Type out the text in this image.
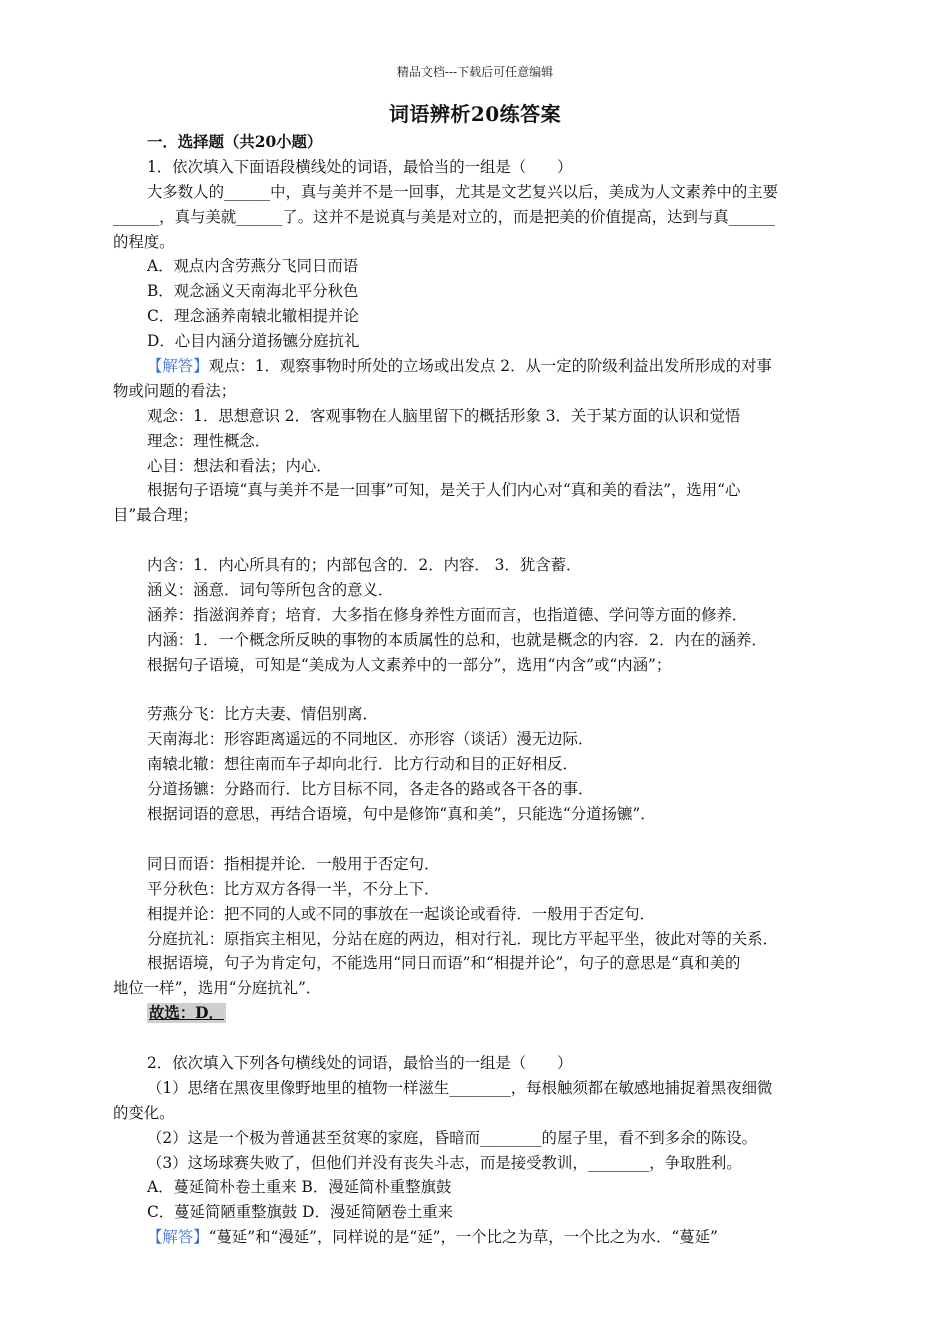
精品文档---下载后可任意编辑
词语辨析20练答案
一．选择题（共20小题）
1．依次填入下面语段横线处的词语，最恰当的一组是（　　）
大多数人的______中，真与美并不是一回事，尤其是文艺复兴以后，美成为人文素养中的主要
______，真与美就______了。这并不是说真与美是对立的，而是把美的价值提高，达到与真______
的程度。
A．观点内含劳燕分飞同日而语
B．观念涵义天南海北平分秋色
C．理念涵养南辕北辙相提并论
D．心目内涵分道扬镳分庭抗礼
【解答】观点：1．观察事物时所处的立场或出发点 2．从一定的阶级利益出发所形成的对事
物或问题的看法；
观念：1．思想意识 2．客观事物在人脑里留下的概括形象 3．关于某方面的认识和觉悟
理念：理性概念．
心目：想法和看法；内心．
根据句子语境“真与美并不是一回事”可知，是关于人们内心对“真和美的看法”，选用“心
目”最合理；
内含：1．内心所具有的；内部包含的．2．内容． 3．犹含蓄．
涵义：涵意．词句等所包含的意义．
涵养：指滋润养育；培育．大多指在修身养性方面而言，也指道德、学问等方面的修养．
内涵：1．一个概念所反映的事物的本质属性的总和，也就是概念的内容．2．内在的涵养．
根据句子语境，可知是“美成为人文素养中的一部分”，选用“内含”或“内涵”；
劳燕分飞：比方夫妻、情侣别离．
天南海北：形容距离遥远的不同地区．亦形容（谈话）漫无边际．
南辕北辙：想往南而车子却向北行．比方行动和目的正好相反．
分道扬镳：分路而行．比方目标不同，各走各的路或各干各的事．
根据词语的意思，再结合语境，句中是修饰“真和美”，只能选“分道扬镳”．
同日而语：指相提并论．一般用于否定句．
平分秋色：比方双方各得一半，不分上下．
相提并论：把不同的人或不同的事放在一起谈论或看待．一般用于否定句．
分庭抗礼：原指宾主相见，分站在庭的两边，相对行礼．现比方平起平坐，彼此对等的关系．
根据语境，句子为肯定句，不能选用“同日而语”和“相提并论”，句子的意思是“真和美的
地位一样”，选用“分庭抗礼”．
故选：D．
2．依次填入下列各句横线处的词语，最恰当的一组是（　　）
（1）思绪在黑夜里像野地里的植物一样滋生________，每根触须都在敏感地捕捉着黑夜细微
的变化。
（2）这是一个极为普通甚至贫寒的家庭，昏暗而________的屋子里，看不到多余的陈设。
（3）这场球赛失败了，但他们并没有丧失斗志，而是接受教训，________，争取胜利。
A．蔓延简朴卷土重来 B．漫延简朴重整旗鼓
C．蔓延简陋重整旗鼓 D．漫延简陋卷土重来
【解答】“蔓延”和“漫延”，同样说的是“延”，一个比之为草，一个比之为水．“蔓延”
